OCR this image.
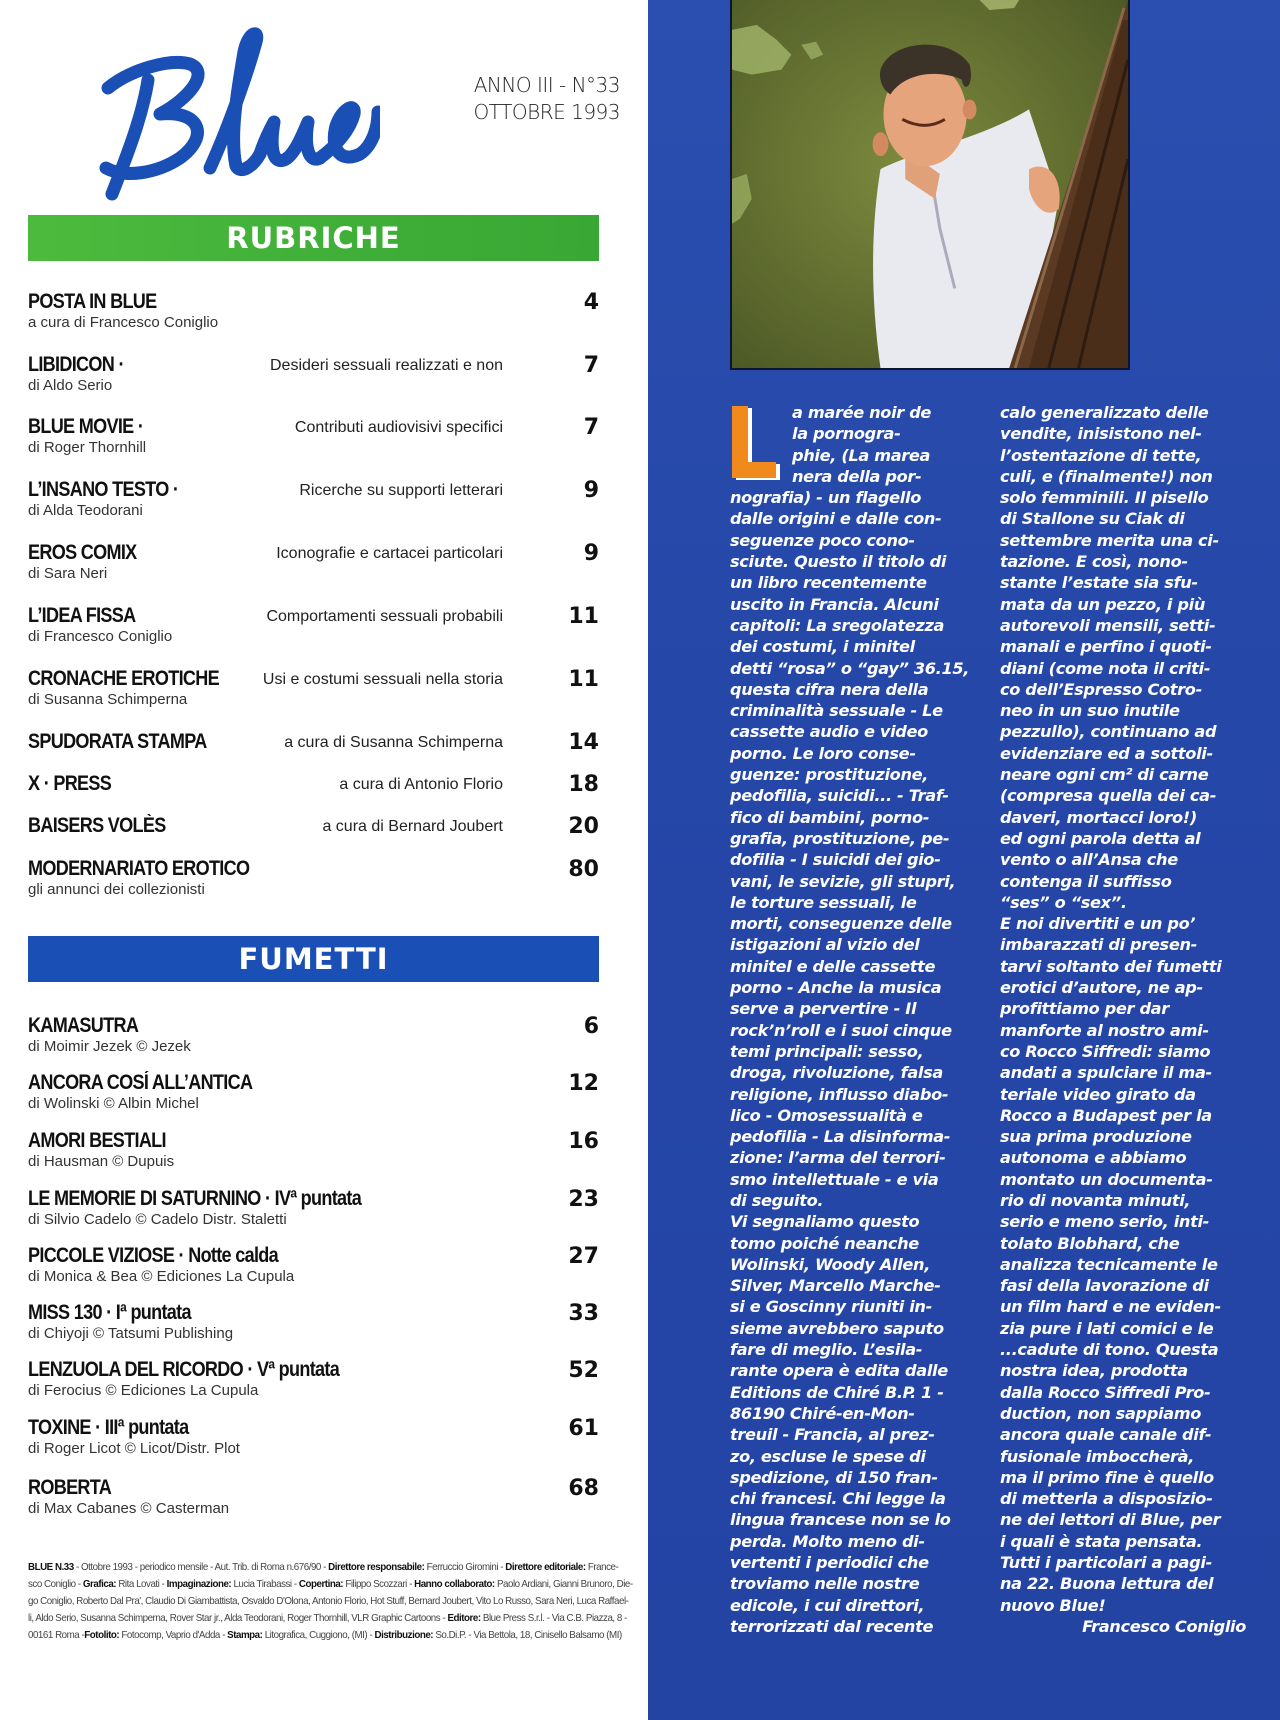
ANNO III - N°33
OTTOBRE 1993
RUBRICHE
POSTA IN BLUE
a cura di Francesco Coniglio
4
LIBIDICON ·
di Aldo Serio
Desideri sessuali realizzati e non	7
BLUE MOVIE ·
di Roger Thornhill
Contributi audiovisivi specifici	7
L’INSANO TESTO ·
di Alda Teodorani
Ricerche su supporti letterari	9
EROS COMIX
di Sara Neri
Iconografie e cartacei particolari	9
L’IDEA FISSA
di Francesco Coniglio
Comportamenti sessuali probabili	11
CRONACHE EROTICHE
di Susanna Schimperna
Usi e costumi sessuali nella storia	11
SPUDORATA STAMPA	a cura di Susanna Schimperna	14
X · PRESS	a cura di Antonio Florio	18
BAISERS VOLÈS	a cura di Bernard Joubert	20
MODERNARIATO EROTICO
gli annunci dei collezionisti
80
FUMETTI
KAMASUTRA
di Moimir Jezek © Jezek
6
ANCORA COSÍ ALL’ANTICA
di Wolinski © Albin Michel
12
AMORI BESTIALI
di Hausman © Dupuis
16
LE MEMORIE DI SATURNINO · IVª puntata
di Silvio Cadelo © Cadelo Distr. Staletti
23
PICCOLE VIZIOSE · Notte calda
di Monica & Bea © Ediciones La Cupula
27
MISS 130 · Iª puntata
di Chiyoji © Tatsumi Publishing
33
LENZUOLA DEL RICORDO · Vª puntata
di Ferocius © Ediciones La Cupula
52
TOXINE · IIIª puntata
di Roger Licot © Licot/Distr. Plot
61
ROBERTA
di Max Cabanes © Casterman
68
BLUE N.33 - Ottobre 1993 - periodico mensile - Aut. Trib. di Roma n.676/90 - Direttore responsabile: Ferruccio Giromini - Direttore editoriale: France-
sco Coniglio - Grafica: Rita Lovati - Impaginazione: Lucia Tirabassi - Copertina: Filippo Scozzari - Hanno collaborato: Paolo Ardiani, Gianni Brunoro, Die-
go Coniglio, Roberto Dal Pra', Claudio Di Giambattista, Osvaldo D'Olona, Antonio Florio, Hot Stuff, Bernard Joubert, Vito Lo Russo, Sara Neri, Luca Raffael-
li, Aldo Serio, Susanna Schimperna, Rover Star jr., Alda Teodorani, Roger Thornhill, VLR Graphic Cartoons - Editore: Blue Press S.r.l. - Via C.B. Piazza, 8 -
00161 Roma -Fotolito: Fotocomp, Vaprio d'Adda - Stampa: Litografica, Cuggiono, (MI) - Distribuzione: So.Di.P. - Via Bettola, 18, Cinisello Balsamo (MI)
a marée noir de
la pornogra-
phie, (La marea
nera della por-
nografia) - un flagello
dalle origini e dalle con-
seguenze poco cono-
sciute. Questo il titolo di
un libro recentemente
uscito in Francia. Alcuni
capitoli: La sregolatezza
dei costumi, i minitel
detti “rosa” o “gay” 36.15,
questa cifra nera della
criminalità sessuale - Le
cassette audio e video
porno. Le loro conse-
guenze: prostituzione,
pedofilia, suicidi... - Traf-
fico di bambini, porno-
grafia, prostituzione, pe-
dofilia - I suicidi dei gio-
vani, le sevizie, gli stupri,
le torture sessuali, le
morti, conseguenze delle
istigazioni al vizio del
minitel e delle cassette
porno - Anche la musica
serve a pervertire - Il
rock’n’roll e i suoi cinque
temi principali: sesso,
droga, rivoluzione, falsa
religione, influsso diabo-
lico - Omosessualità e
pedofilia - La disinforma-
zione: l’arma del terrori-
smo intellettuale - e via
di seguito.
Vi segnaliamo questo
tomo poiché neanche
Wolinski, Woody Allen,
Silver, Marcello Marche-
si e Goscinny riuniti in-
sieme avrebbero saputo
fare di meglio. L’esila-
rante opera è edita dalle
Editions de Chiré B.P. 1 -
86190 Chiré-en-Mon-
treuil - Francia, al prez-
zo, escluse le spese di
spedizione, di 150 fran-
chi francesi. Chi legge la
lingua francese non se lo
perda. Molto meno di-
vertenti i periodici che
troviamo nelle nostre
edicole, i cui direttori,
terrorizzati dal recente
calo generalizzato delle
vendite, inisistono nel-
l’ostentazione di tette,
culi, e (finalmente!) non
solo femminili. Il pisello
di Stallone su Ciak di
settembre merita una ci-
tazione. E così, nono-
stante l’estate sia sfu-
mata da un pezzo, i più
autorevoli mensili, setti-
manali e perfino i quoti-
diani (come nota il criti-
co dell’Espresso Cotro-
neo in un suo inutile
pezzullo), continuano ad
evidenziare ed a sottoli-
neare ogni cm² di carne
(compresa quella dei ca-
daveri, mortacci loro!)
ed ogni parola detta al
vento o all’Ansa che
contenga il suffisso
“ses” o “sex”.
E noi divertiti e un po’
imbarazzati di presen-
tarvi soltanto dei fumetti
erotici d’autore, ne ap-
profittiamo per dar
manforte al nostro ami-
co Rocco Siffredi: siamo
andati a spulciare il ma-
teriale video girato da
Rocco a Budapest per la
sua prima produzione
autonoma e abbiamo
montato un documenta-
rio di novanta minuti,
serio e meno serio, inti-
tolato Blobhard, che
analizza tecnicamente le
fasi della lavorazione di
un film hard e ne eviden-
zia pure i lati comici e le
...cadute di tono. Questa
nostra idea, prodotta
dalla Rocco Siffredi Pro-
duction, non sappiamo
ancora quale canale dif-
fusionale imboccherà,
ma il primo fine è quello
di metterla a disposizio-
ne dei lettori di Blue, per
i quali è stata pensata.
Tutti i particolari a pagi-
na 22. Buona lettura del
nuovo Blue!
Francesco Coniglio
